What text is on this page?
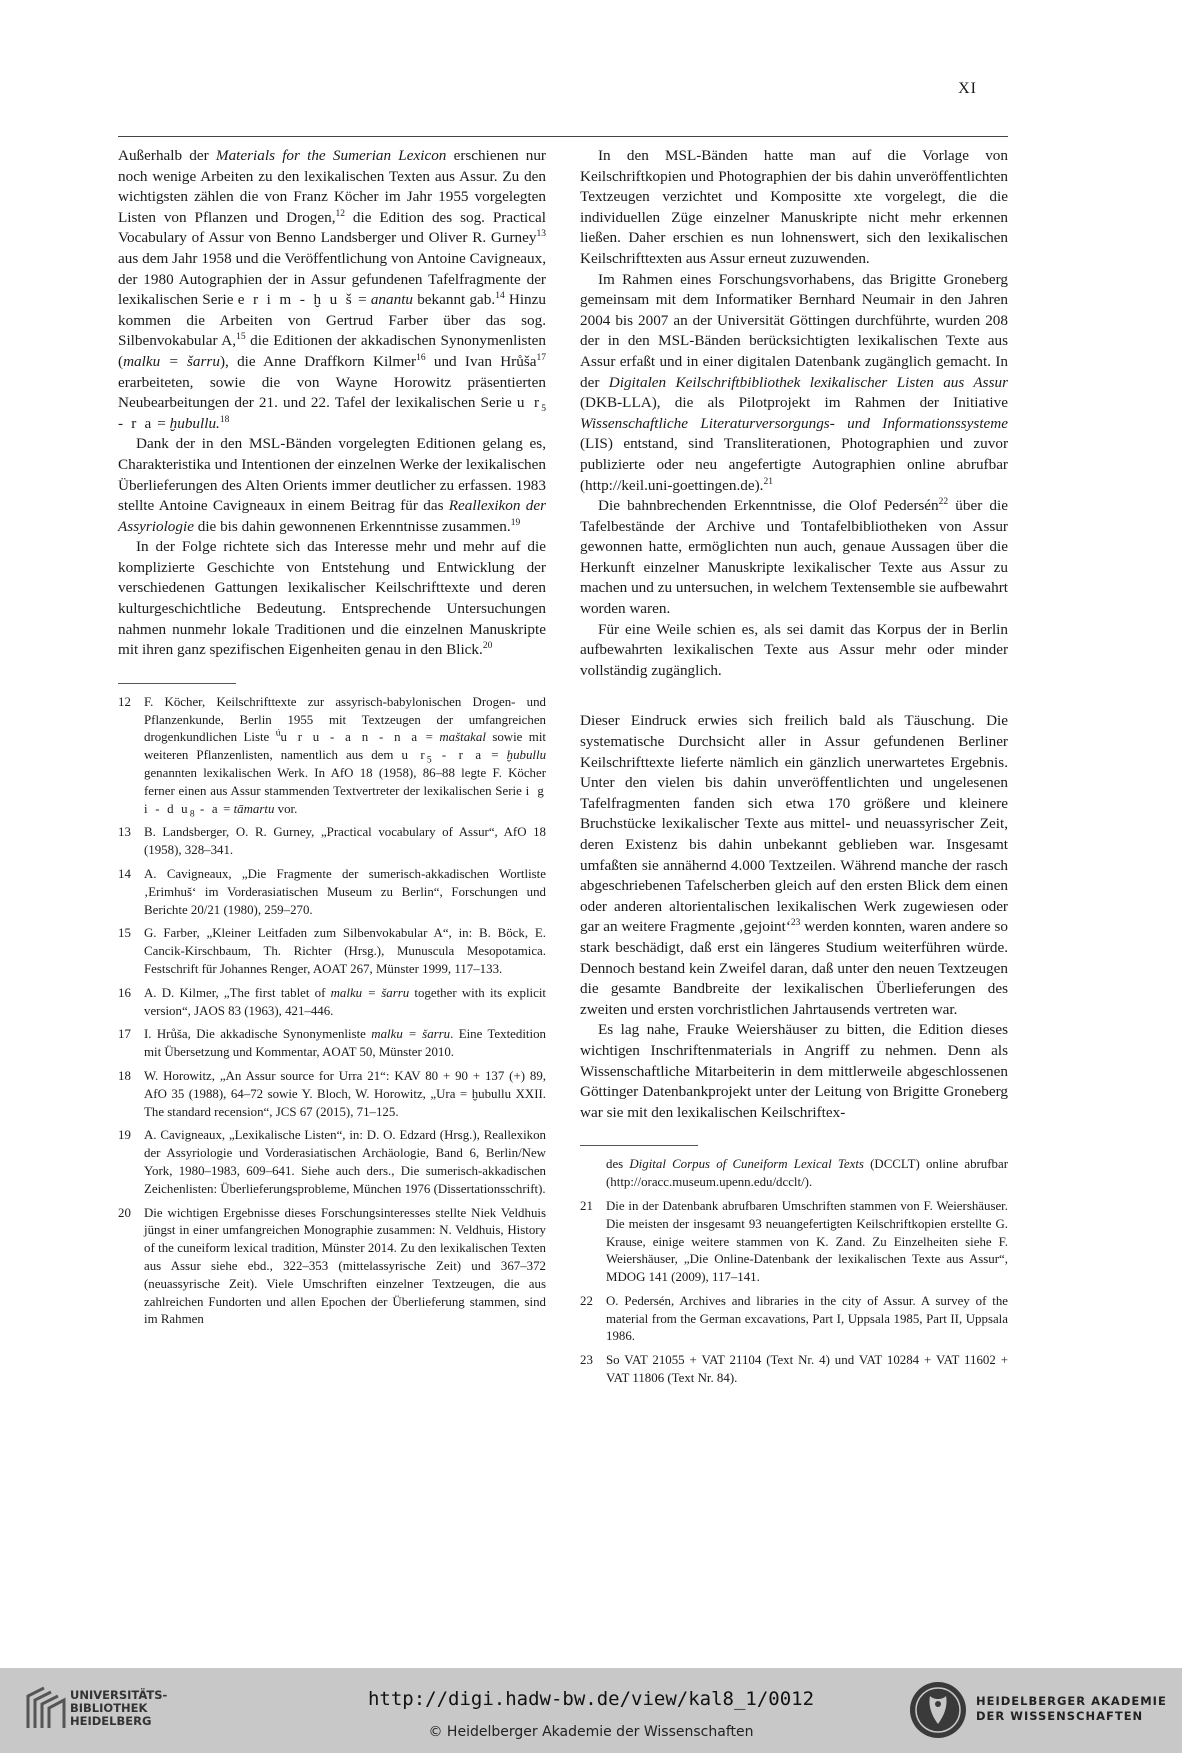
XI

Außerhalb der Materials for the Sumerian Lexicon erschienen nur noch wenige Arbeiten zu den lexikalischen Texten aus Assur. Zu den wichtigsten zählen die von Franz Köcher im Jahr 1955 vorgelegten Listen von Pflanzen und Drogen,$^{12}$ die Edition des sog. Practical Vocabulary of Assur von Benno Landsberger und Oliver R. Gurney$^{13}$ aus dem Jahr 1958 und die Veröffentlichung von Antoine Cavigneaux, der 1980 Autographien der in Assur gefundenen Tafelfragmente der lexikalischen Serie e r i m - ḫ u š = anantu bekannt gab.$^{14}$ Hinzu kommen die Arbeiten von Gertrud Farber über das sog. Silbenvokabular A,$^{15}$ die Editionen der akkadischen Synonymenlisten (malku = šarru), die Anne Draffkorn Kilmer$^{16}$ und Ivan Hrůša$^{17}$ erarbeiteten, sowie die von Wayne Horowitz präsentierten Neubearbeitungen der 21. und 22. Tafel der lexikalischen Serie u $r_5$ - r a = ḫubullu.$^{18}$

Dank der in den MSL-Bänden vorgelegten Editionen gelang es, Charakteristika und Intentionen der einzelnen Werke der lexikalischen Überlieferungen des Alten Orients immer deutlicher zu erfassen. 1983 stellte Antoine Cavigneaux in einem Beitrag für das Reallexikon der Assyriologie die bis dahin gewonnenen Erkenntnisse zusammen.$^{19}$

In der Folge richtete sich das Interesse mehr und mehr auf die komplizierte Geschichte von Entstehung und Entwicklung der verschiedenen Gattungen lexikalischer Keilschrifttexte und deren kulturgeschichtliche Bedeutung. Entsprechende Untersuchungen nahmen nunmehr lokale Traditionen und die einzelnen Manuskripte mit ihren ganz spezifischen Eigenheiten genau in den Blick.$^{20}$

12	F. Köcher, Keilschrifttexte zur assyrisch-babylonischen Drogen- und Pflanzenkunde, Berlin 1955 mit Textzeugen der umfangreichen drogenkundlichen Liste $^ú$u r u - a n - n a = maštakal sowie mit weiteren Pflanzenlisten, namentlich aus dem u $r_5$ - r a = ḫubullu genannten lexikalischen Werk. In AfO 18 (1958), 86–88 legte F. Köcher ferner einen aus Assur stammenden Textvertreter der lexikalischen Serie i g i - d $u_8$ - a = tāmartu vor.
13	B. Landsberger, O. R. Gurney, „Practical vocabulary of Assur“, AfO 18 (1958), 328–341.
14	A. Cavigneaux, „Die Fragmente der sumerisch-akkadischen Wortliste ‚Erimhuš‘ im Vorderasiatischen Museum zu Berlin“, Forschungen und Berichte 20/21 (1980), 259–270.
15	G. Farber, „Kleiner Leitfaden zum Silbenvokabular A“, in: B. Böck, E. Cancik-Kirschbaum, Th. Richter (Hrsg.), Munuscula Mesopotamica. Festschrift für Johannes Renger, AOAT 267, Münster 1999, 117–133.
16	A. D. Kilmer, „The first tablet of malku = šarru together with its explicit version“, JAOS 83 (1963), 421–446.
17	I. Hrůša, Die akkadische Synonymenliste malku = šarru. Eine Textedition mit Übersetzung und Kommentar, AOAT 50, Münster 2010.
18	W. Horowitz, „An Assur source for Urra 21“: KAV 80 + 90 + 137 (+) 89, AfO 35 (1988), 64–72 sowie Y. Bloch, W. Horowitz, „Ura = ḫubullu XXII. The standard recension“, JCS 67 (2015), 71–125.
19	A. Cavigneaux, „Lexikalische Listen“, in: D. O. Edzard (Hrsg.), Reallexikon der Assyriologie und Vorderasiatischen Archäologie, Band 6, Berlin/New York, 1980–1983, 609–641. Siehe auch ders., Die sumerisch-akkadischen Zeichenlisten: Überlieferungsprobleme, München 1976 (Dissertationsschrift).
20	Die wichtigen Ergebnisse dieses Forschungsinteresses stellte Niek Veldhuis jüngst in einer umfangreichen Monographie zusammen: N. Veldhuis, History of the cuneiform lexical tradition, Münster 2014. Zu den lexikalischen Texten aus Assur siehe ebd., 322–353 (mittelassyrische Zeit) und 367–372 (neuassyrische Zeit). Viele Umschriften einzelner Textzeugen, die aus zahlreichen Fundorten und allen Epochen der Überlieferung stammen, sind im Rahmen

In den MSL-Bänden hatte man auf die Vorlage von Keilschriftkopien und Photographien der bis dahin unveröffentlichten Textzeugen verzichtet und Kompositte xte vorgelegt, die die individuellen Züge einzelner Manuskripte nicht mehr erkennen ließen. Daher erschien es nun lohnenswert, sich den lexikalischen Keilschrifttexten aus Assur erneut zuzuwenden.

Im Rahmen eines Forschungsvorhabens, das Brigitte Groneberg gemeinsam mit dem Informatiker Bernhard Neumair in den Jahren 2004 bis 2007 an der Universität Göttingen durchführte, wurden 208 der in den MSL-Bänden berücksichtigten lexikalischen Texte aus Assur erfaßt und in einer digitalen Datenbank zugänglich gemacht. In der Digitalen Keilschriftbibliothek lexikalischer Listen aus Assur (DKB-LLA), die als Pilotprojekt im Rahmen der Initiative Wissenschaftliche Literaturversorgungs- und Informationssysteme (LIS) entstand, sind Transliterationen, Photographien und zuvor publizierte oder neu angefertigte Autographien online abrufbar (http://keil.uni-goettingen.de).$^{21}$

Die bahnbrechenden Erkenntnisse, die Olof Pedersén$^{22}$ über die Tafelbestände der Archive und Tontafelbibliotheken von Assur gewonnen hatte, ermöglichten nun auch, genaue Aussagen über die Herkunft einzelner Manuskripte lexikalischer Texte aus Assur zu machen und zu untersuchen, in welchem Textensemble sie aufbewahrt worden waren.

Für eine Weile schien es, als sei damit das Korpus der in Berlin aufbewahrten lexikalischen Texte aus Assur mehr oder minder vollständig zugänglich.

Dieser Eindruck erwies sich freilich bald als Täuschung. Die systematische Durchsicht aller in Assur gefundenen Berliner Keilschrifttexte lieferte nämlich ein gänzlich unerwartetes Ergebnis. Unter den vielen bis dahin unveröffentlichten und ungelesenen Tafelfragmenten fanden sich etwa 170 größere und kleinere Bruchstücke lexikalischer Texte aus mittel- und neuassyrischer Zeit, deren Existenz bis dahin unbekannt geblieben war. Insgesamt umfaßten sie annähernd 4.000 Textzeilen. Während manche der rasch abgeschriebenen Tafelscherben gleich auf den ersten Blick dem einen oder anderen altorientalischen lexikalischen Werk zugewiesen oder gar an weitere Fragmente ‚gejoint‘$^{23}$ werden konnten, waren andere so stark beschädigt, daß erst ein längeres Studium weiterführen würde. Dennoch bestand kein Zweifel daran, daß unter den neuen Textzeugen die gesamte Bandbreite der lexikalischen Überlieferungen des zweiten und ersten vorchristlichen Jahrtausends vertreten war.

Es lag nahe, Frauke Weiershäuser zu bitten, die Edition dieses wichtigen Inschriftenmaterials in Angriff zu nehmen. Denn als Wissenschaftliche Mitarbeiterin in dem mittlerweile abgeschlossenen Göttinger Datenbankprojekt unter der Leitung von Brigitte Groneberg war sie mit den lexikalischen Keilschriftex-

des Digital Corpus of Cuneiform Lexical Texts (DCCLT) online abrufbar (http://oracc.museum.upenn.edu/dcclt/).
21	Die in der Datenbank abrufbaren Umschriften stammen von F. Weiershäuser. Die meisten der insgesamt 93 neuangefertigten Keilschriftkopien erstellte G. Krause, einige weitere stammen von K. Zand. Zu Einzelheiten siehe F. Weiershäuser, „Die Online-Datenbank der lexikalischen Texte aus Assur“, MDOG 141 (2009), 117–141.
22	O. Pedersén, Archives and libraries in the city of Assur. A survey of the material from the German excavations, Part I, Uppsala 1985, Part II, Uppsala 1986.
23	So VAT 21055 + VAT 21104 (Text Nr. 4) und VAT 10284 + VAT 11602 + VAT 11806 (Text Nr. 84).
UNIVERSITÄTS-
BIBLIOTHEK
HEIDELBERG
http://digi.hadw-bw.de/view/kal8_1/0012
© Heidelberger Akademie der Wissenschaften
HEIDELBERGER AKADEMIE
DER WISSENSCHAFTEN
